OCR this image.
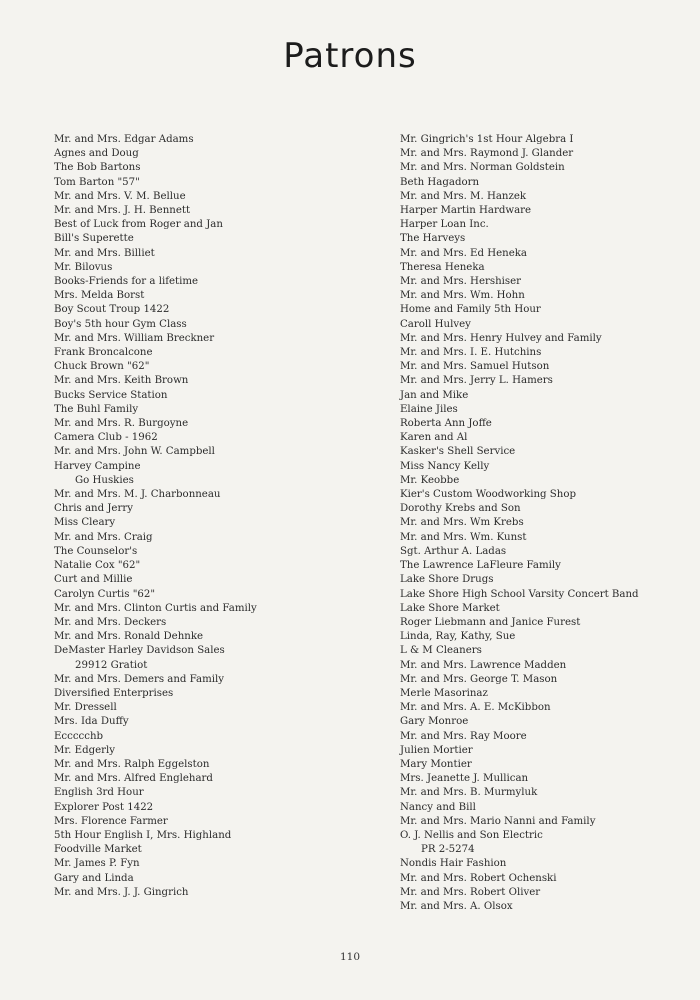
Patrons
Mr. and Mrs. Edgar Adams
Agnes and Doug
The Bob Bartons
Tom Barton "57"
Mr. and Mrs. V. M. Bellue
Mr. and Mrs. J. H. Bennett
Best of Luck from Roger and Jan
Bill's Superette
Mr. and Mrs. Billiet
Mr. Bilovus
Books-Friends for a lifetime
Mrs. Melda Borst
Boy Scout Troup 1422
Boy's 5th hour Gym Class
Mr. and Mrs. William Breckner
Frank Broncalcone
Chuck Brown "62"
Mr. and Mrs. Keith Brown
Bucks Service Station
The Buhl Family
Mr. and Mrs. R. Burgoyne
Camera Club - 1962
Mr. and Mrs. John W. Campbell
Harvey Campine
Go Huskies
Mr. and Mrs. M. J. Charbonneau
Chris and Jerry
Miss Cleary
Mr. and Mrs. Craig
The Counselor's
Natalie Cox "62"
Curt and Millie
Carolyn Curtis "62"
Mr. and Mrs. Clinton Curtis and Family
Mr. and Mrs. Deckers
Mr. and Mrs. Ronald Dehnke
DeMaster Harley Davidson Sales
29912 Gratiot
Mr. and Mrs. Demers and Family
Diversified Enterprises
Mr. Dressell
Mrs. Ida Duffy
Eccccchb
Mr. Edgerly
Mr. and Mrs. Ralph Eggelston
Mr. and Mrs. Alfred Englehard
English 3rd Hour
Explorer Post 1422
Mrs. Florence Farmer
5th Hour English I, Mrs. Highland
Foodville Market
Mr. James P. Fyn
Gary and Linda
Mr. and Mrs. J. J. Gingrich
Mr. Gingrich's 1st Hour Algebra I
Mr. and Mrs. Raymond J. Glander
Mr. and Mrs. Norman Goldstein
Beth Hagadorn
Mr. and Mrs. M. Hanzek
Harper Martin Hardware
Harper Loan Inc.
The Harveys
Mr. and Mrs. Ed Heneka
Theresa Heneka
Mr. and Mrs. Hershiser
Mr. and Mrs. Wm. Hohn
Home and Family 5th Hour
Caroll Hulvey
Mr. and Mrs. Henry Hulvey and Family
Mr. and Mrs. I. E. Hutchins
Mr. and Mrs. Samuel Hutson
Mr. and Mrs. Jerry L. Hamers
Jan and Mike
Elaine Jiles
Roberta Ann Joffe
Karen and Al
Kasker's Shell Service
Miss Nancy Kelly
Mr. Keobbe
Kier's Custom Woodworking Shop
Dorothy Krebs and Son
Mr. and Mrs. Wm Krebs
Mr. and Mrs. Wm. Kunst
Sgt. Arthur A. Ladas
The Lawrence LaFleure Family
Lake Shore Drugs
Lake Shore High School Varsity Concert Band
Lake Shore Market
Roger Liebmann and Janice Furest
Linda, Ray, Kathy, Sue
L & M Cleaners
Mr. and Mrs. Lawrence Madden
Mr. and Mrs. George T. Mason
Merle Masorinaz
Mr. and Mrs. A. E. McKibbon
Gary Monroe
Mr. and Mrs. Ray Moore
Julien Mortier
Mary Montier
Mrs. Jeanette J. Mullican
Mr. and Mrs. B. Murmyluk
Nancy and Bill
Mr. and Mrs. Mario Nanni and Family
O. J. Nellis and Son Electric
PR 2-5274
Nondis Hair Fashion
Mr. and Mrs. Robert Ochenski
Mr. and Mrs. Robert Oliver
Mr. and Mrs. A. Olsox
110
